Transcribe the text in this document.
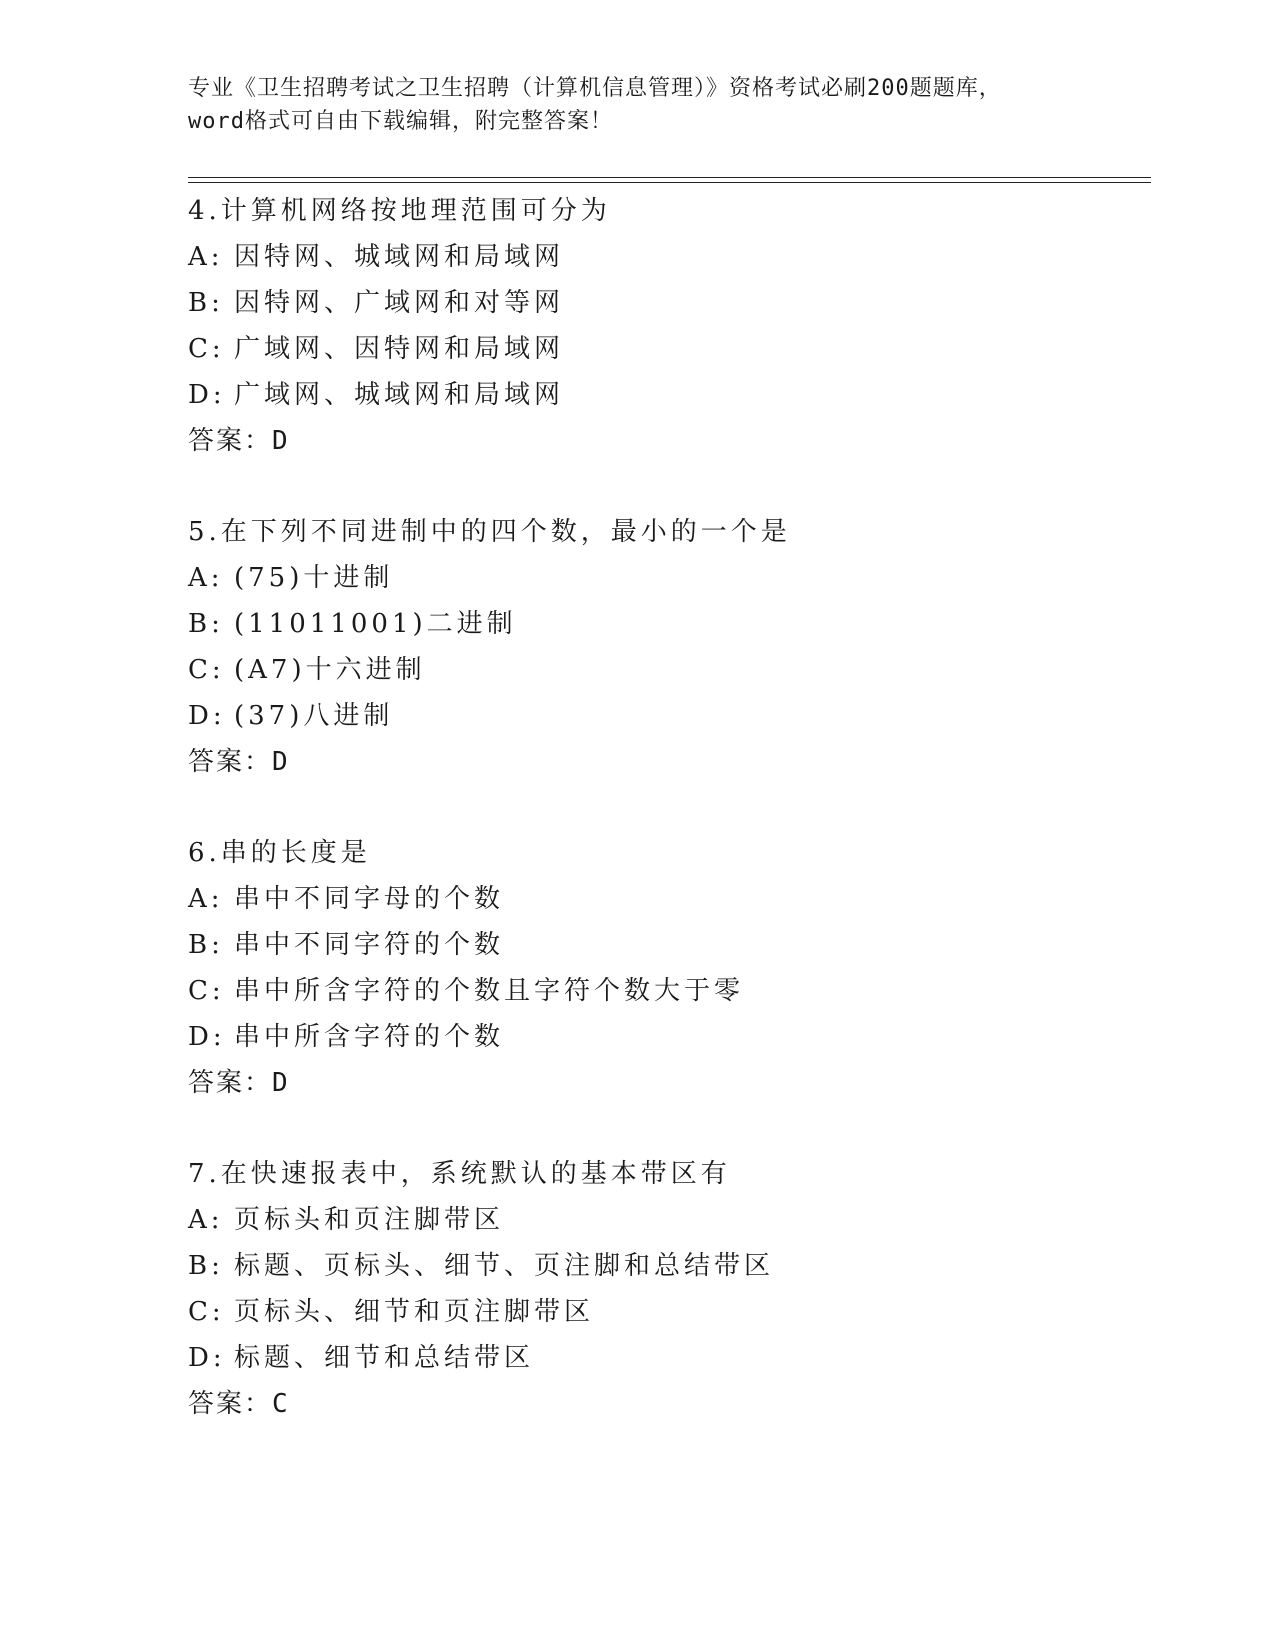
专业《卫生招聘考试之卫生招聘（计算机信息管理）》资格考试必刷200题题库，
word格式可自由下载编辑，附完整答案！
4.计算机网络按地理范围可分为
A: 因特网、城域网和局域网
B: 因特网、广域网和对等网
C: 广域网、因特网和局域网
D: 广域网、城域网和局域网
答案：D
5.在下列不同进制中的四个数，最小的一个是
A: (75)十进制
B: (11011001)二进制
C: (A7)十六进制
D: (37)八进制
答案：D
6.串的长度是
A: 串中不同字母的个数
B: 串中不同字符的个数
C: 串中所含字符的个数且字符个数大于零
D: 串中所含字符的个数
答案：D
7.在快速报表中，系统默认的基本带区有
A: 页标头和页注脚带区
B: 标题、页标头、细节、页注脚和总结带区
C: 页标头、细节和页注脚带区
D: 标题、细节和总结带区
答案：C
